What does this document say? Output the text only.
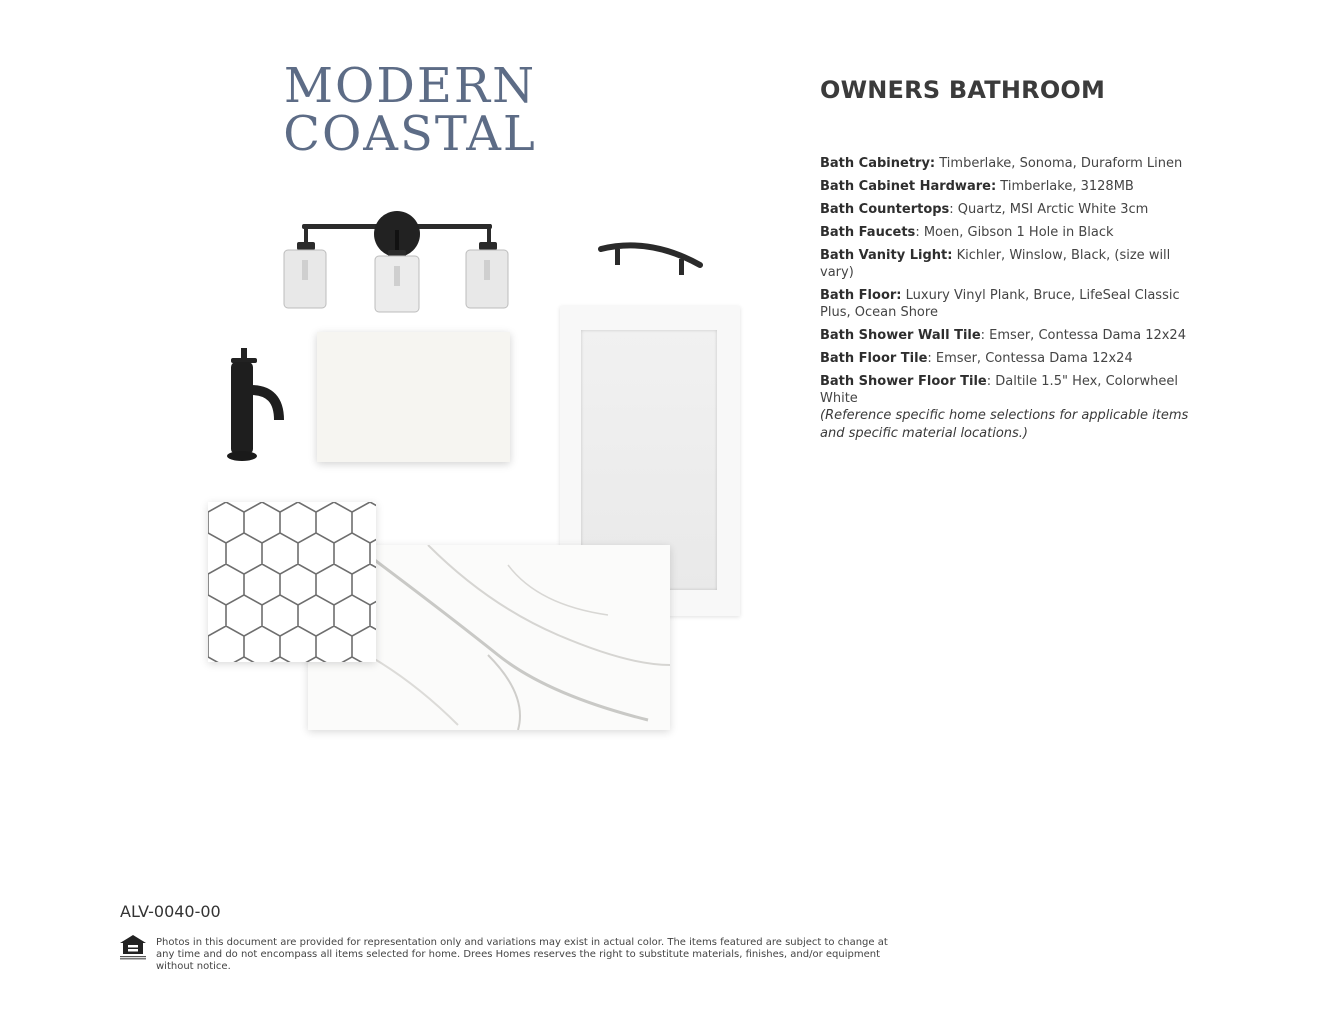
MODERN
COASTAL
OWNERS BATHROOM
Bath Cabinetry: Timberlake, Sonoma, Duraform Linen
Bath Cabinet Hardware: Timberlake, 3128MB
Bath Countertops: Quartz, MSI Arctic White 3cm
Bath Faucets: Moen, Gibson 1 Hole in Black
Bath Vanity Light: Kichler, Winslow, Black, (size will vary)
Bath Floor: Luxury Vinyl Plank, Bruce, LifeSeal Classic Plus, Ocean Shore
Bath Shower Wall Tile: Emser, Contessa Dama 12x24
Bath Floor Tile: Emser, Contessa Dama 12x24
Bath Shower Floor Tile: Daltile 1.5" Hex, Colorwheel White
(Reference specific home selections for applicable items and specific material locations.)
ALV-0040-00
Photos in this document are provided for representation only and variations may exist in actual color. The items featured are subject to change at any time and do not encompass all items selected for home. Drees Homes reserves the right to substitute materials, finishes, and/or equipment without notice.
